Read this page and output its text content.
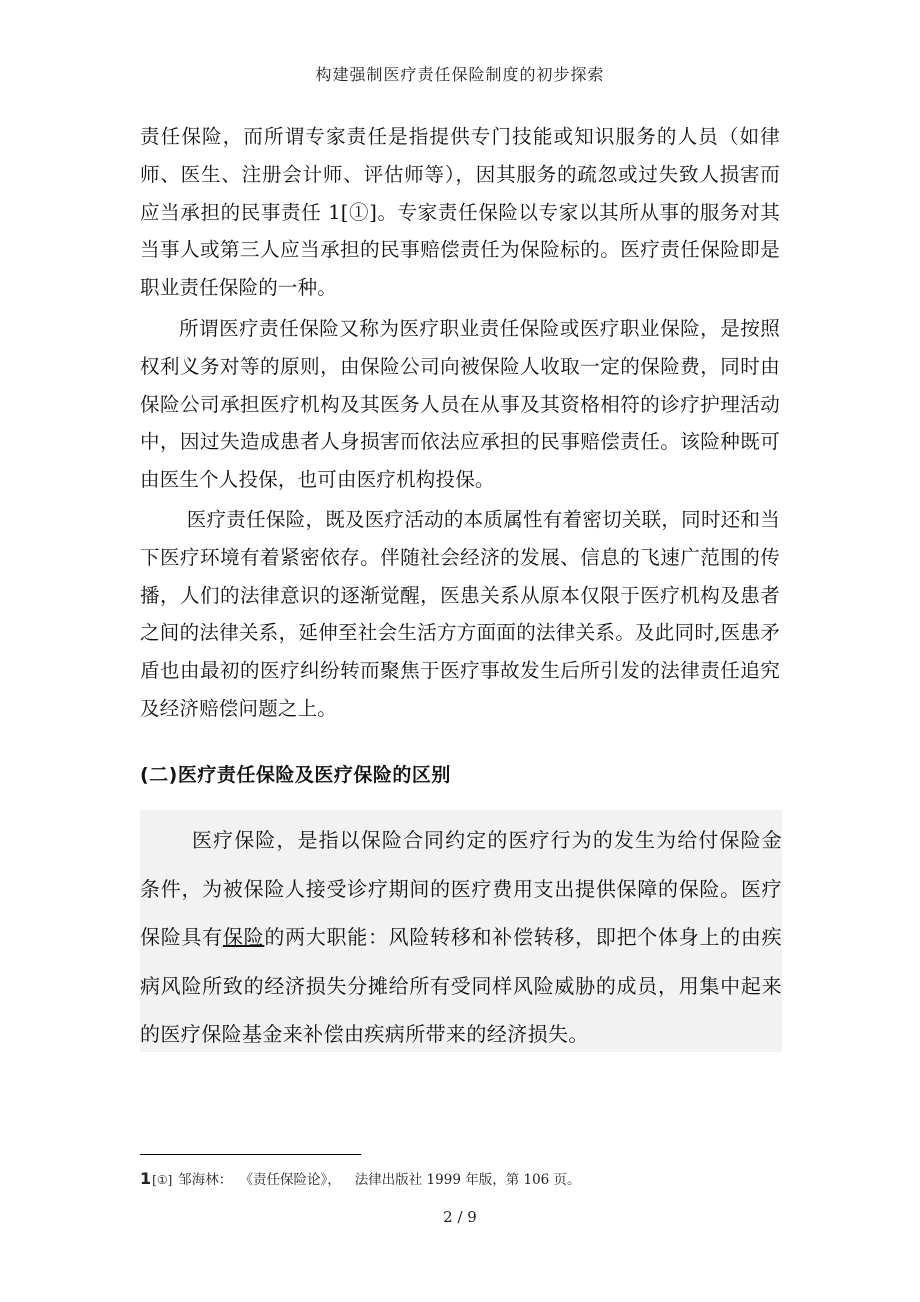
构建强制医疗责任保险制度的初步探索
责任保险，而所谓专家责任是指提供专门技能或知识服务的人员（如律师、医生、注册会计师、评估师等），因其服务的疏忽或过失致人损害而应当承担的民事责任 1[①]。专家责任保险以专家以其所从事的服务对其当事人或第三人应当承担的民事赔偿责任为保险标的。医疗责任保险即是职业责任保险的一种。
所谓医疗责任保险又称为医疗职业责任保险或医疗职业保险，是按照权利义务对等的原则，由保险公司向被保险人收取一定的保险费，同时由保险公司承担医疗机构及其医务人员在从事及其资格相符的诊疗护理活动中，因过失造成患者人身损害而依法应承担的民事赔偿责任。该险种既可由医生个人投保，也可由医疗机构投保。
医疗责任保险，既及医疗活动的本质属性有着密切关联，同时还和当下医疗环境有着紧密依存。伴随社会经济的发展、信息的飞速广范围的传播，人们的法律意识的逐渐觉醒，医患关系从原本仅限于医疗机构及患者之间的法律关系，延伸至社会生活方方面面的法律关系。及此同时,医患矛盾也由最初的医疗纠纷转而聚焦于医疗事故发生后所引发的法律责任追究及经济赔偿问题之上。
(二)医疗责任保险及医疗保险的区别
医疗保险，是指以保险合同约定的医疗行为的发生为给付保险金条件，为被保险人接受诊疗期间的医疗费用支出提供保障的保险。医疗保险具有保险的两大职能：风险转移和补偿转移，即把个体身上的由疾病风险所致的经济损失分摊给所有受同样风险威胁的成员，用集中起来的医疗保险基金来补偿由疾病所带来的经济损失。
1[①] 邹海林： 《责任保险论》， 法律出版社 1999 年版，第 106 页。
2 / 9
